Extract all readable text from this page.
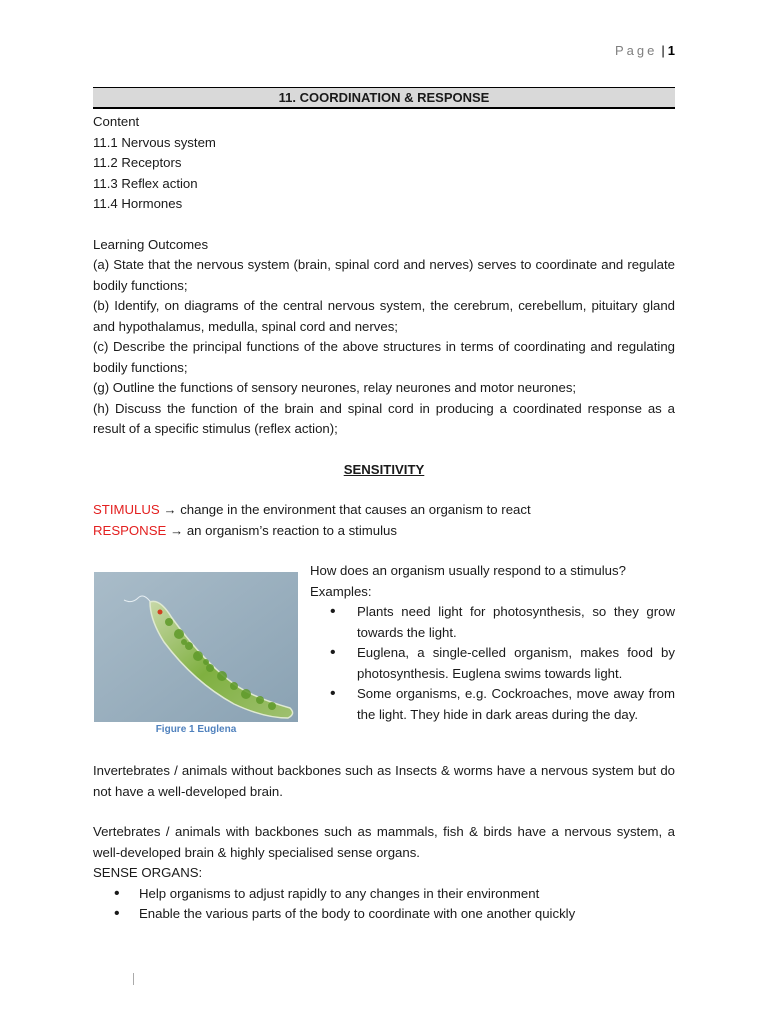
Page | 1
11. COORDINATION & RESPONSE
Content
11.1 Nervous system
11.2 Receptors
11.3 Reflex action
11.4 Hormones
Learning Outcomes
(a) State that the nervous system (brain, spinal cord and nerves) serves to coordinate and regulate bodily functions;
(b) Identify, on diagrams of the central nervous system, the cerebrum, cerebellum, pituitary gland and hypothalamus, medulla, spinal cord and nerves;
(c) Describe the principal functions of the above structures in terms of coordinating and regulating bodily functions;
(g) Outline the functions of sensory neurones, relay neurones and motor neurones;
(h) Discuss the function of the brain and spinal cord in producing a coordinated response as a result of a specific stimulus (reflex action);
SENSITIVITY
STIMULUS → change in the environment that causes an organism to react
RESPONSE → an organism’s reaction to a stimulus
Figure 1 Euglena
How does an organism usually respond to a stimulus?
Examples:
• Plants need light for photosynthesis, so they grow towards the light.
• Euglena, a single-celled organism, makes food by photosynthesis. Euglena swims towards light.
• Some organisms, e.g. Cockroaches, move away from the light. They hide in dark areas during the day.
Invertebrates / animals without backbones such as Insects & worms have a nervous system but do not have a well-developed brain.
Vertebrates / animals with backbones such as mammals, fish & birds have a nervous system, a well-developed brain & highly specialised sense organs.
SENSE ORGANS:
• Help organisms to adjust rapidly to any changes in their environment
• Enable the various parts of the body to coordinate with one another quickly
